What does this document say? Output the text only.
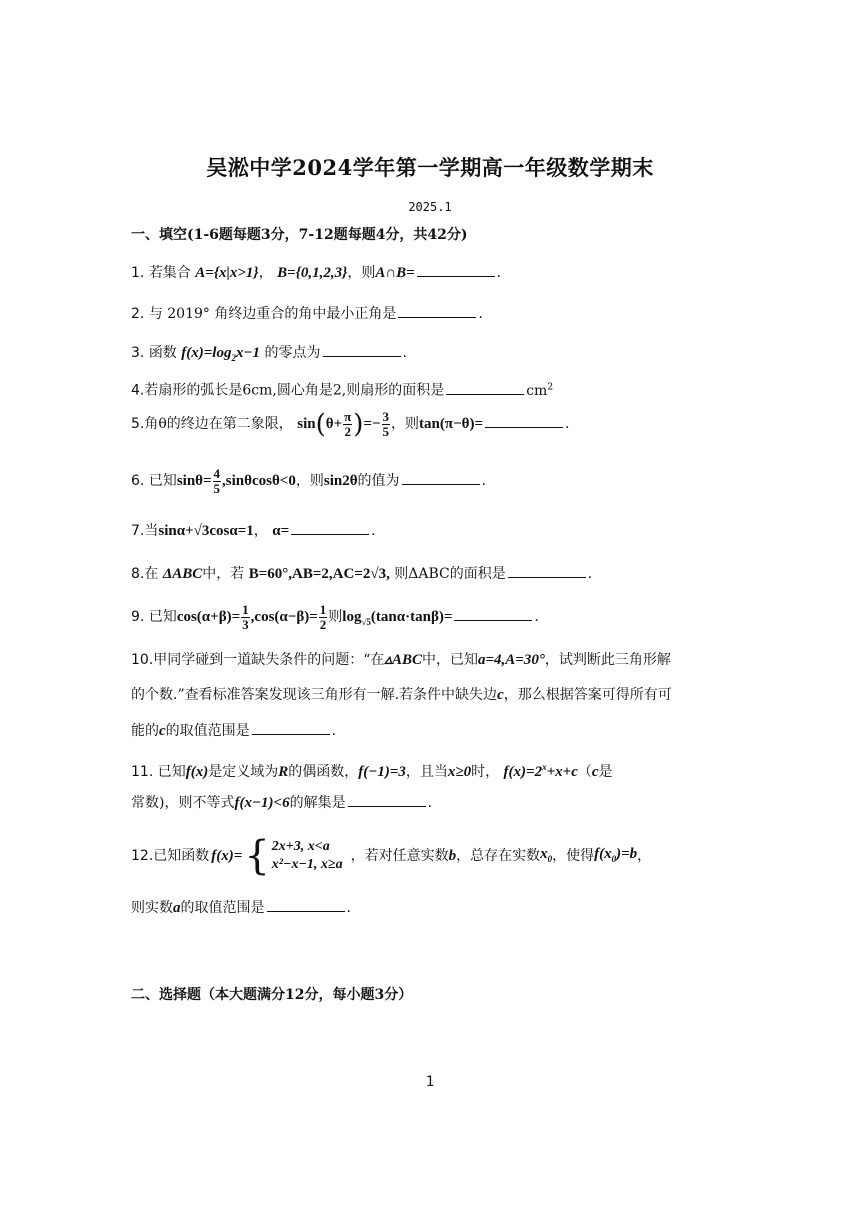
吴淞中学2024学年第一学期高一年级数学期末
2025.1
一、填空(1-6题每题3分，7-12题每题4分，共42分)
1. 若集合 A={x|x>1}， B={0,1,2,3}，则A∩B=	.
2. 与 2019° 角终边重合的角中最小正角是	.
3. 函数 $f(x)=\log_2x-1$ 的零点为	.
4.若扇形的弧长是6cm,圆心角是2,则扇形的面积是	$cm^2$
5.角θ的终边在第二象限， $\sin(\theta+ \frac{\pi}{2}$ )=− $\frac{3}{5}$ ，则tan(π−θ)=	.
6. 已知$\sin\theta= \frac{4}{5} ,\sin\theta\cos\theta<0$，则sin2θ的值为	.
7.当sinα+√3cosα=1， α=	.
8.在 ΔABC中，若 B=60°,AB=2,AC=2√3, 则ΔABC的面积是	.
9. 已知$\cos(\alpha+\beta)= \frac{1}{3} ,\cos(\alpha-\beta)= \frac{1}{2}$ 则$\log_{√5}(\tan\alpha\cdot\tan\beta)=$	.
10.甲同学碰到一道缺失条件的问题：“在▵ABC中，已知a=4,A=30°，试判断此三角形解
的个数.”查看标准答案发现该三角形有一解.若条件中缺失边c，那么根据答案可得所有可
能的c的取值范围是	.
11. 已知f(x)是定义域为R的偶函数，f(−1)=3，且当x≥0时， $f(x)=2^x+x+c(c$是
常数)，则不等式f(x−1)<6的解集是	.
12. 已知函数 f(x)= { 2x+3, x<a
x²−x−1, x≥a
，若对任意实数 b ，总存在实数 $x_0$ ，使得 $f(x_0)=b$ ，
则实数a的取值范围是	.
二、选择题（本大题满分12分，每小题3分）
1
